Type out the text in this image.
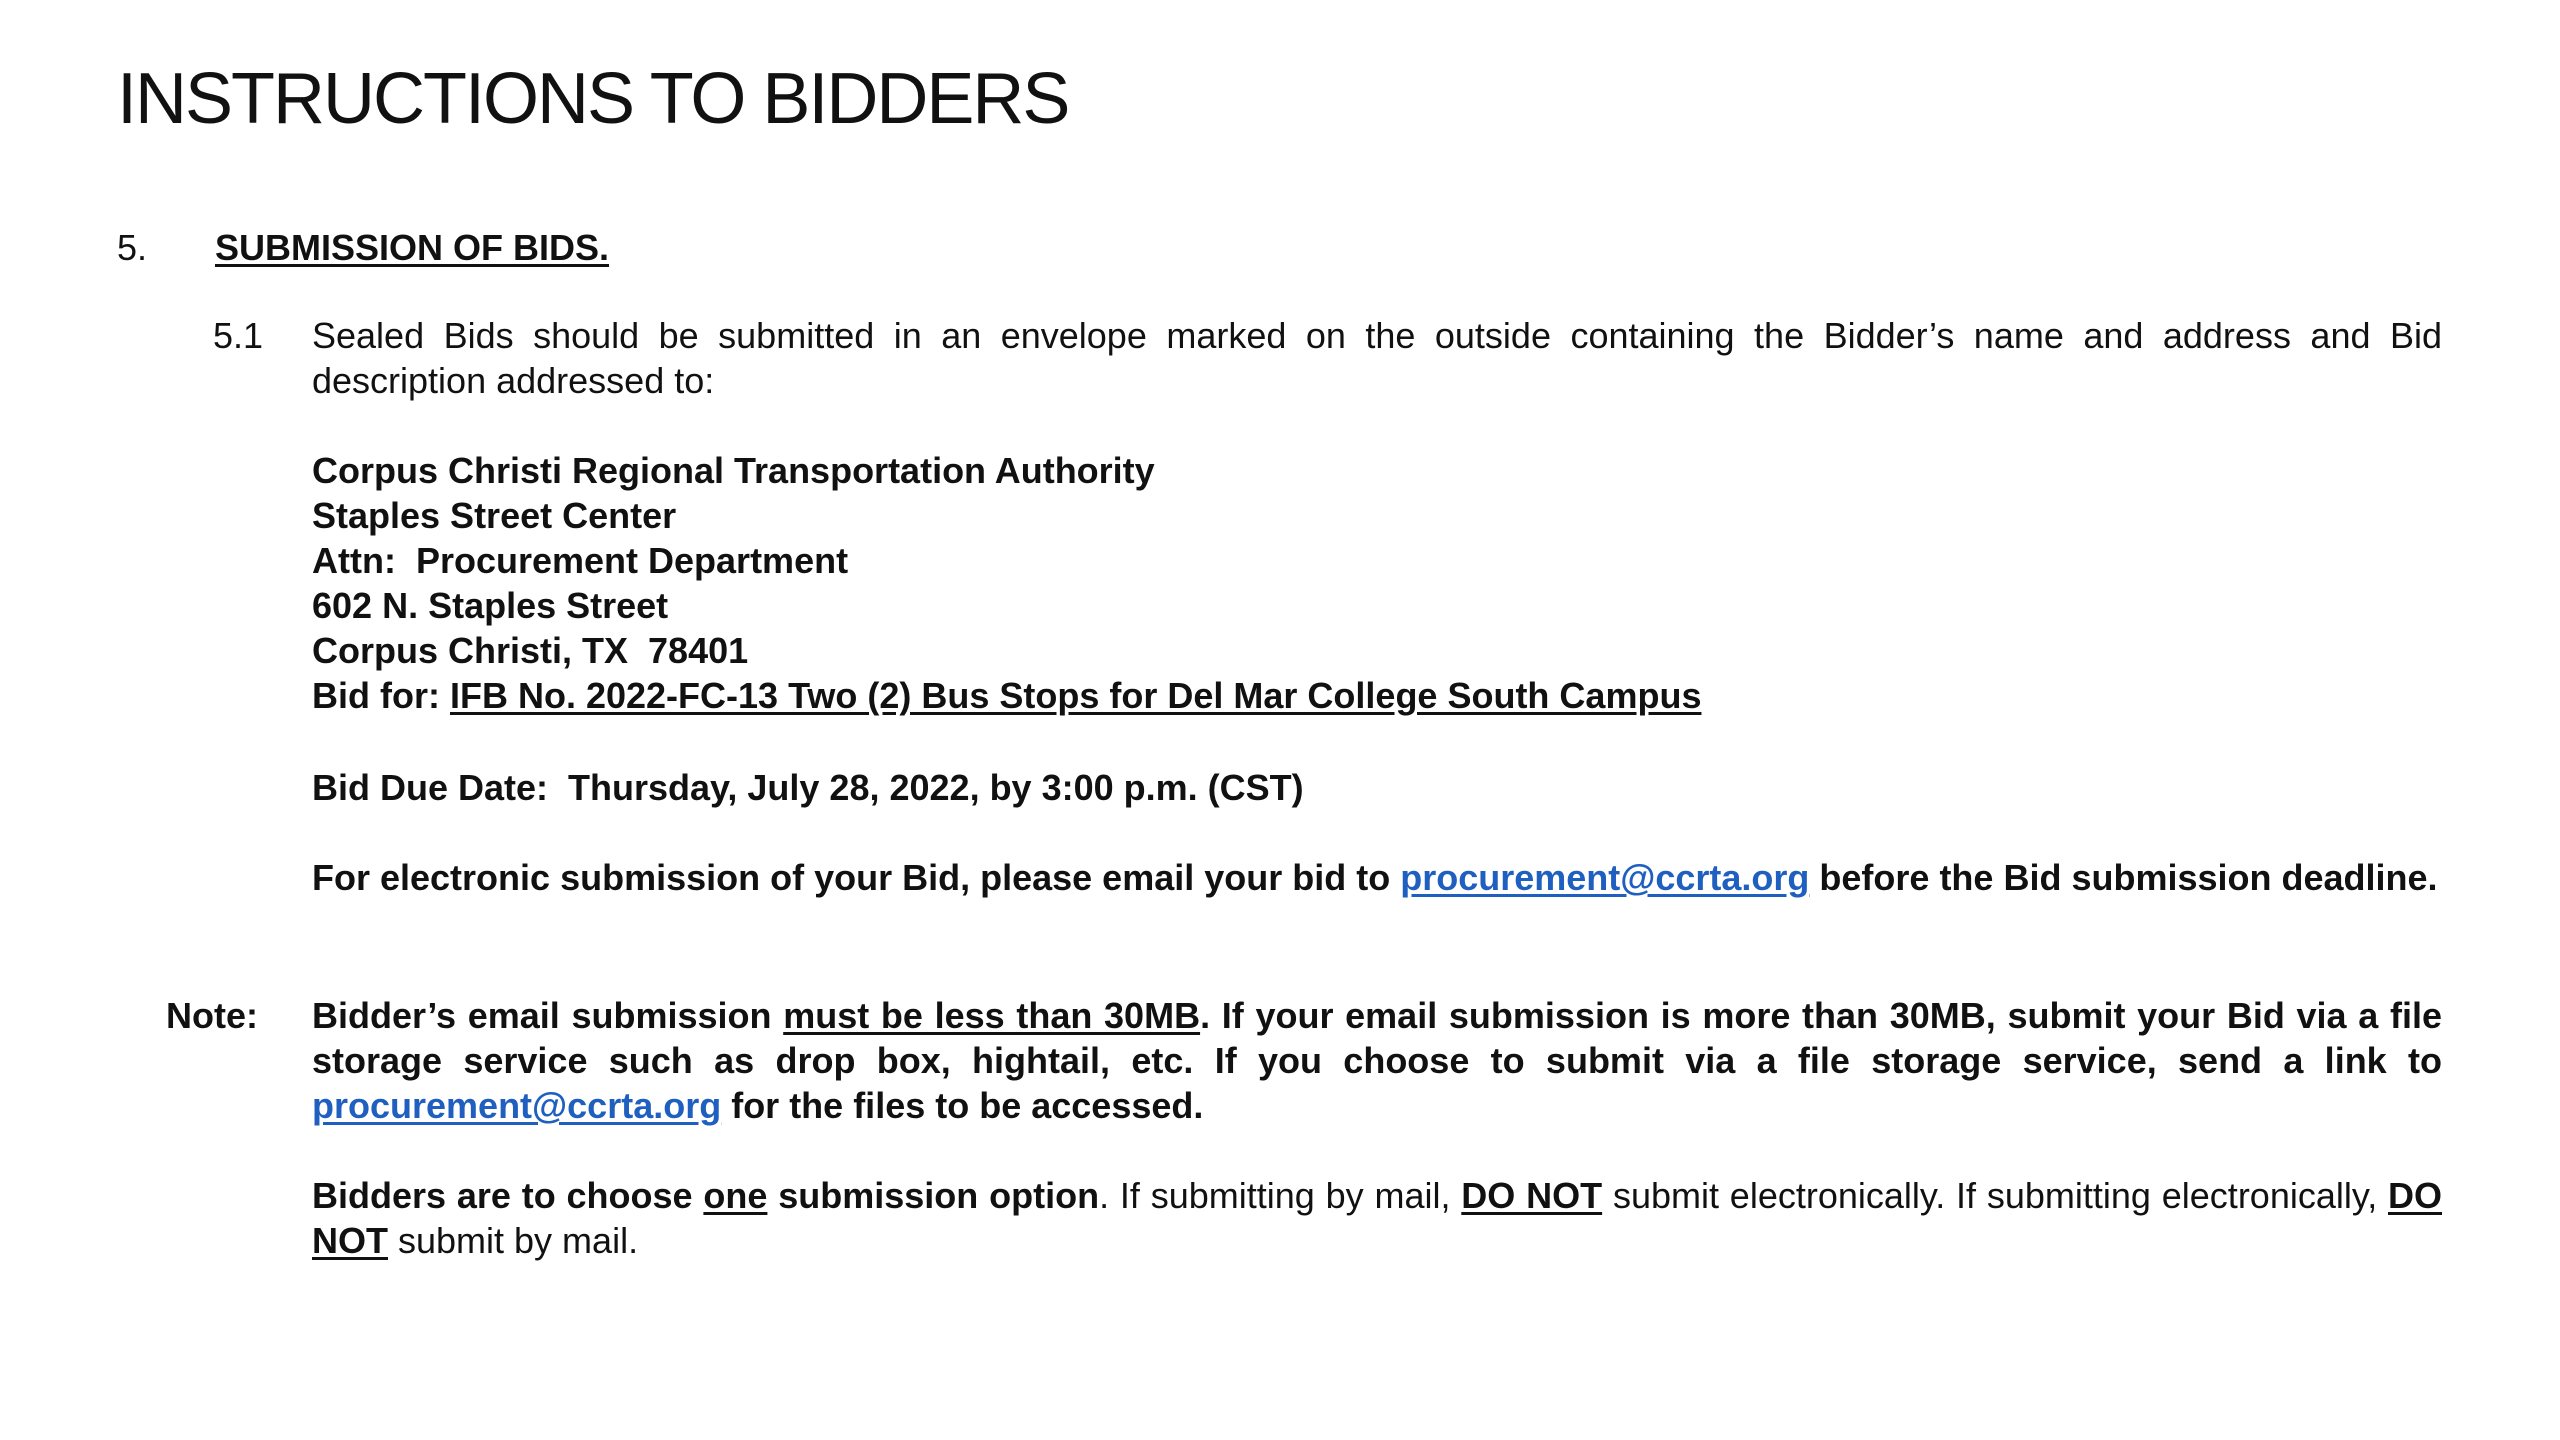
INSTRUCTIONS TO BIDDERS
5. SUBMISSION OF BIDS.
5.1 Sealed Bids should be submitted in an envelope marked on the outside containing the Bidder’s name and address and Bid description addressed to:
Corpus Christi Regional Transportation Authority
Staples Street Center
Attn:  Procurement Department
602 N. Staples Street
Corpus Christi, TX  78401
Bid for: IFB No. 2022-FC-13 Two (2) Bus Stops for Del Mar College South Campus
Bid Due Date:  Thursday, July 28, 2022, by 3:00 p.m. (CST)
For electronic submission of your Bid, please email your bid to procurement@ccrta.org before the Bid submission deadline.
Note: Bidder’s email submission must be less than 30MB. If your email submission is more than 30MB, submit your Bid via a file storage service such as drop box, hightail, etc. If you choose to submit via a file storage service, send a link to procurement@ccrta.org for the files to be accessed.
Bidders are to choose one submission option. If submitting by mail, DO NOT submit electronically. If submitting electronically, DO NOT submit by mail.
